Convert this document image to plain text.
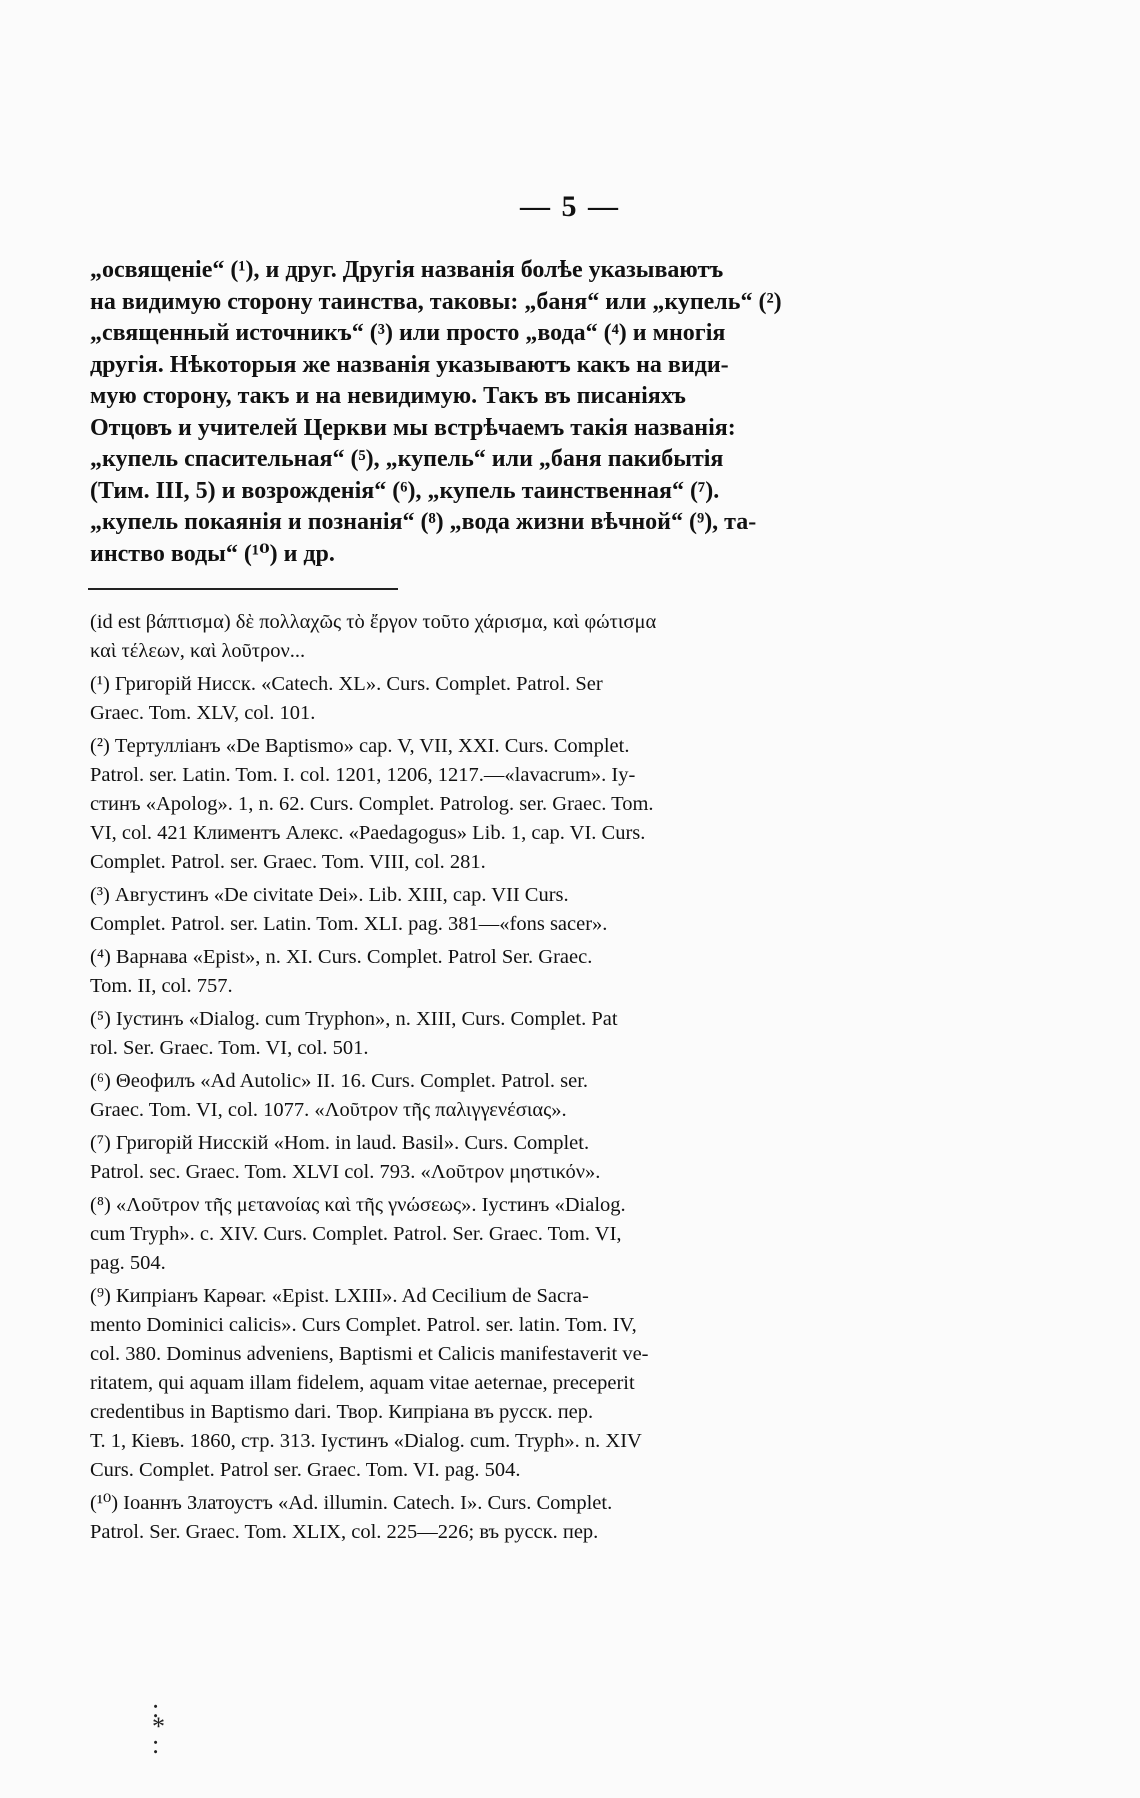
— 5 —

„освященіе“ (¹), и друг. Другія названія болѣе указываютъ
на видимую сторону таинства, таковы: „баня“ или „купель“ (²)
„священный источникъ“ (³) или просто „вода“ (⁴) и многія
другія. Нѣкоторыя же названія указываютъ какъ на види-
мую сторону, такъ и на невидимую. Такъ въ писаніяхъ
Отцовъ и учителей Церкви мы встрѣчаемъ такія названія:
„купель спасительная“ (⁵), „купель“ или „баня пакибытія
(Тим. III, 5) и возрожденія“ (⁶), „купель таинственная“ (⁷).
„купель покаянія и познанія“ (⁸) „вода жизни вѣчной“ (⁹), та-
инство воды“ (¹⁰) и др.

(id est βάπτισμα) δὲ πολλαχῶς τὸ ἔργον τοῦτο χάρισμα, καὶ φώτισμα
καὶ τέλεων, καὶ λοῦτρον...

(¹) Григорій Нисск. «Catech. XL». Curs. Complet. Patrol. Ser
Graec. Tom. XLV, col. 101.

(²) Тертулліанъ «De Baptismo» cap. V, VII, XXI. Curs. Complet.
Patrol. ser. Latin. Tom. I. col. 1201, 1206, 1217.—«lavacrum». Iу-
стинъ «Apolog». 1, n. 62. Curs. Complet. Patrolog. ser. Graec. Tom.
VI, col. 421 Климентъ Алекс. «Paedagogus» Lib. 1, cap. VI. Curs.
Complet. Patrol. ser. Graec. Tom. VIII, col. 281.

(³) Августинъ «De civitate Dei». Lib. XIII, cap. VII Curs.
Complet. Patrol. ser. Latin. Tom. XLI. pag. 381—«fons sacer».

(⁴) Варнава «Epist», n. XI. Curs. Complet. Patrol Ser. Graec.
Tom. II, col. 757.

(⁵) Iустинъ «Dialog. cum Tryphon», n. XIII, Curs. Complet. Pat
rol. Ser. Graec. Tom. VI, col. 501.

(⁶) Θеофилъ «Ad Autolic» II. 16. Curs. Complet. Patrol. ser.
Graec. Tom. VI, col. 1077. «Λοῦτρον τῆς παλιγγενέσιας».

(⁷) Григорій Нисскій «Hom. in laud. Basil». Curs. Complet.
Patrol. sec. Graec. Tom. XLVI col. 793. «Λοῦτρον μηστικόν».

(⁸) «Λοῦτρον τῆς μετανοίας καὶ τῆς γνώσεως». Iустинъ «Dialog.
cum Tryph». c. XIV. Curs. Complet. Patrol. Ser. Graec. Tom. VI,
pag. 504.

(⁹) Кипріанъ Карѳаг. «Epist. LXIII». Ad Cecilium de Sacra-
mento Dominici calicis». Curs Complet. Patrol. ser. latin. Tom. IV,
col. 380. Dominus adveniens, Baptismi et Calicis manifestaverit ve-
ritatem, qui aquam illam fidelem, aquam vitae aeternae, preceperit
credentibus in Baptismo dari. Твор. Кипріана въ русск. пер.
Т. 1, Кіевъ. 1860, стр. 313. Iустинъ «Dialog. cum. Tryph». n. XIV
Curs. Complet. Patrol ser. Graec. Tom. VI. pag. 504.

(¹⁰) Iоаннъ Златоустъ «Ad. illumin. Catech. I». Curs. Complet.
Patrol. Ser. Graec. Tom. XLIX, col. 225—226; въ русск. пер.

:
*
:
